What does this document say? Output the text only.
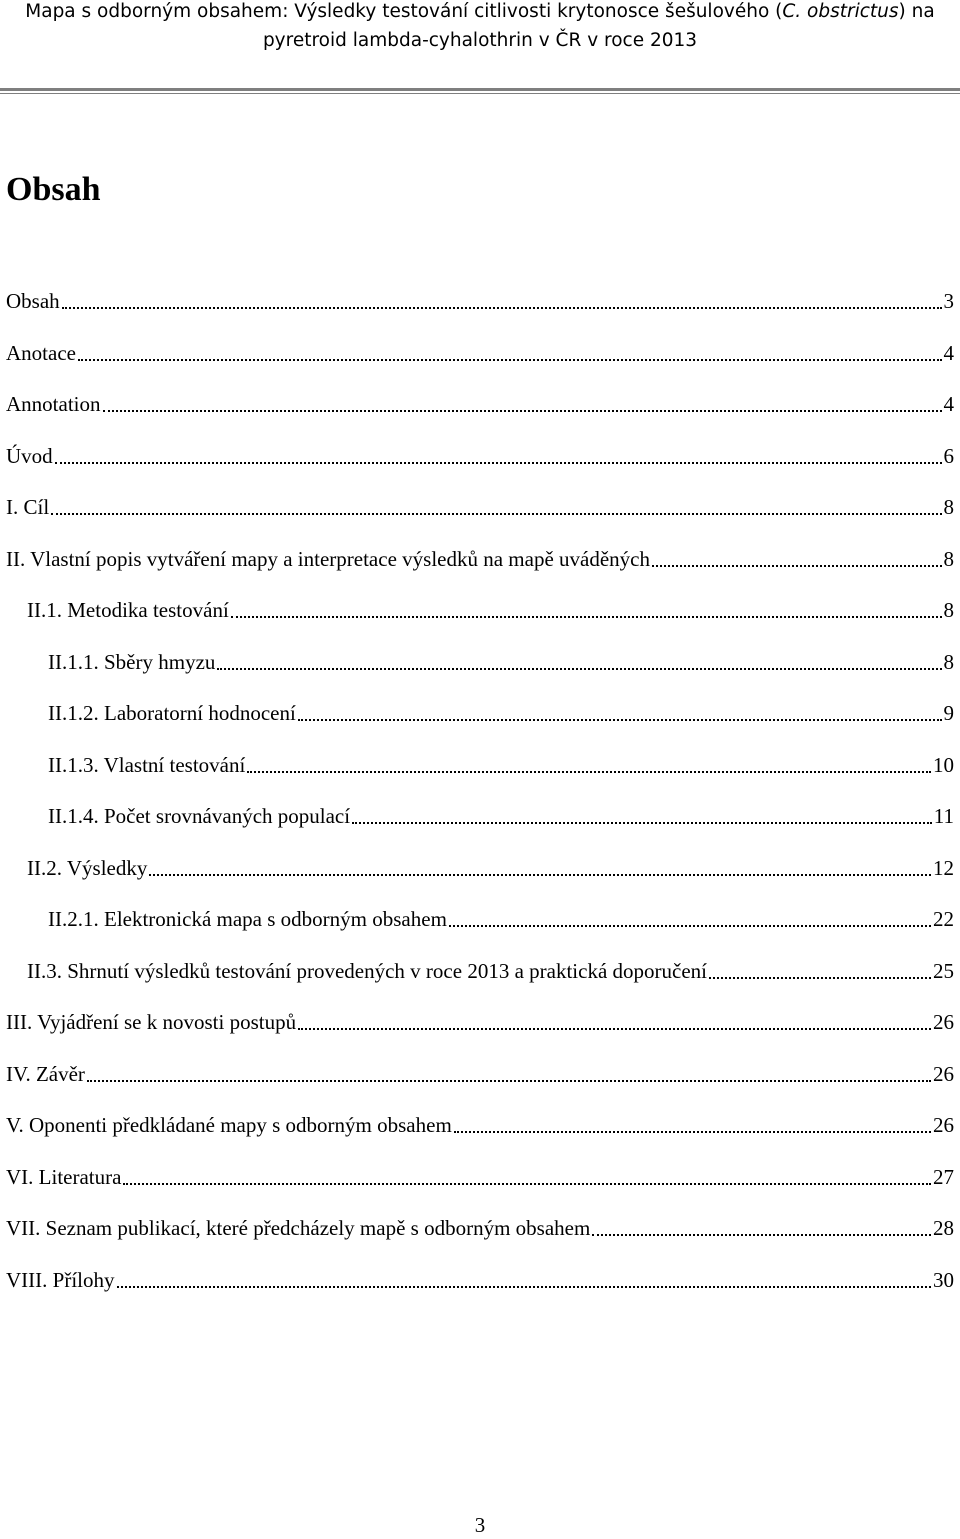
Mapa s odborným obsahem: Výsledky testování citlivosti krytonosce šešulového (C. obstrictus) na
pyretroid lambda-cyhalothrin v ČR v roce 2013
Obsah
Obsah	3
Anotace	4
Annotation	4
Úvod	6
I. Cíl	8
II. Vlastní popis vytváření mapy a interpretace výsledků na mapě uváděných	8
II.1. Metodika testování	8
II.1.1. Sběry hmyzu	8
II.1.2. Laboratorní hodnocení	9
II.1.3. Vlastní testování	10
II.1.4. Počet srovnávaných populací	11
II.2. Výsledky	12
II.2.1. Elektronická mapa s odborným obsahem	22
II.3. Shrnutí výsledků testování provedených v roce 2013 a praktická doporučení	25
III. Vyjádření se k novosti postupů	26
IV. Závěr	26
V. Oponenti předkládané mapy s odborným obsahem	26
VI. Literatura	27
VII. Seznam publikací, které předcházely mapě s odborným obsahem	28
VIII. Přílohy	30
3
